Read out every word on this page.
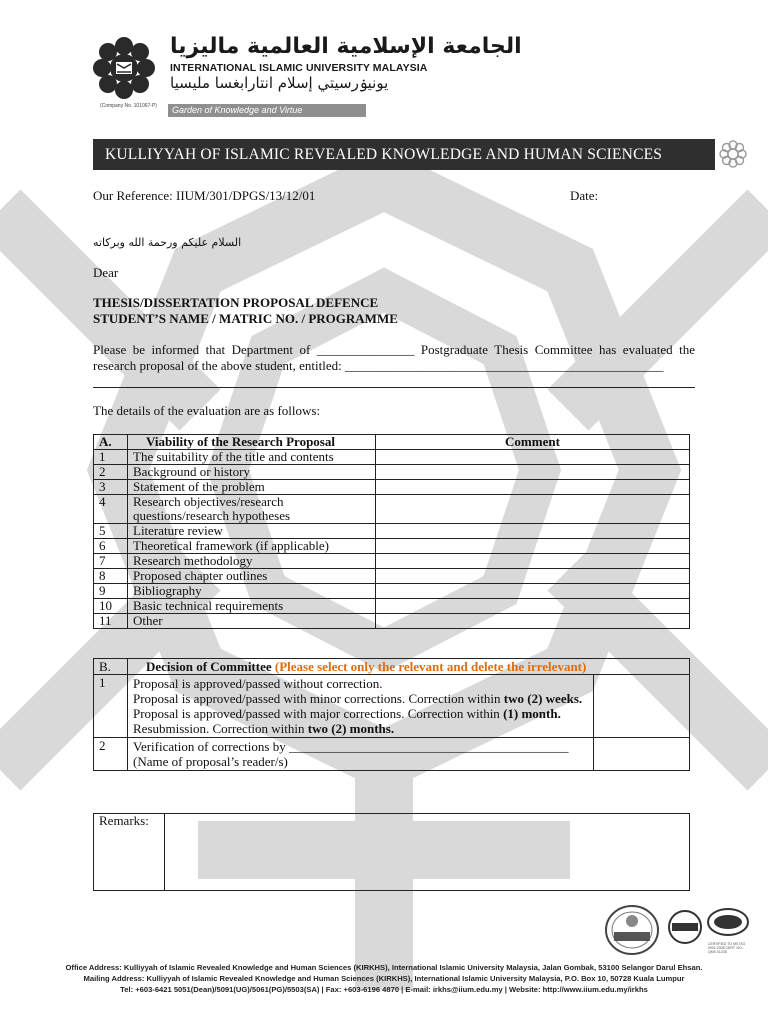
الجامعة الإسلامية العالمية ماليزيا
INTERNATIONAL ISLAMIC UNIVERSITY MALAYSIA
يونيۏرسيتي إسلام انتارابغسا مليسيا
(Company No. 101067-P)	Garden of Knowledge and Virtue
KULLIYYAH OF ISLAMIC REVEALED KNOWLEDGE AND HUMAN SCIENCES
Our Reference: IIUM/301/DPGS/13/12/01	Date:
السلام عليكم ورحمة الله وبركاته
Dear
THESIS/DISSERTATION PROPOSAL DEFENCE
STUDENT’S NAME / MATRIC NO. / PROGRAMME
Please be informed that Department of _______________ Postgraduate Thesis Committee has evaluated the research proposal of the above student, entitled: _________________________________________________
The details of the evaluation are as follows:
A.	Viability of the Research Proposal	Comment
1	The suitability of the title and contents	
2	Background or history	
3	Statement of the problem	
4	Research objectives/research questions/research hypotheses	
5	Literature review	
6	Theoretical framework (if applicable)	
7	Research methodology	
8	Proposed chapter outlines	
9	Bibliography	
10	Basic technical requirements	
11	Other	
B.	Decision of Committee (Please select only the relevant and delete the irrelevant)	
1	Proposal is approved/passed without correction.
Proposal is approved/passed with minor corrections. Correction within two (2) weeks.
Proposal is approved/passed with major corrections. Correction within (1) month.
Resubmission. Correction within two (2) months.	

2	Verification of corrections by ___________________________________________
(Name of proposal’s reader/s)	

Remarks:	
CERTIFIED TO MS ISO 9001:2008 CERT. NO.: QMS 01235
Office Address: Kulliyyah of Islamic Revealed Knowledge and Human Sciences (KIRKHS), International Islamic University Malaysia, Jalan Gombak, 53100 Selangor Darul Ehsan.
Mailing Address: Kulliyyah of Islamic Revealed Knowledge and Human Sciences (KIRKHS), International Islamic University Malaysia, P.O. Box 10, 50728 Kuala Lumpur
Tel: +603-6421 5051(Dean)/5091(UG)/5061(PG)/5503(SA) | Fax: +603-6196 4870 | E-mail: irkhs@iium.edu.my | Website: http://www.iium.edu.my/irkhs
